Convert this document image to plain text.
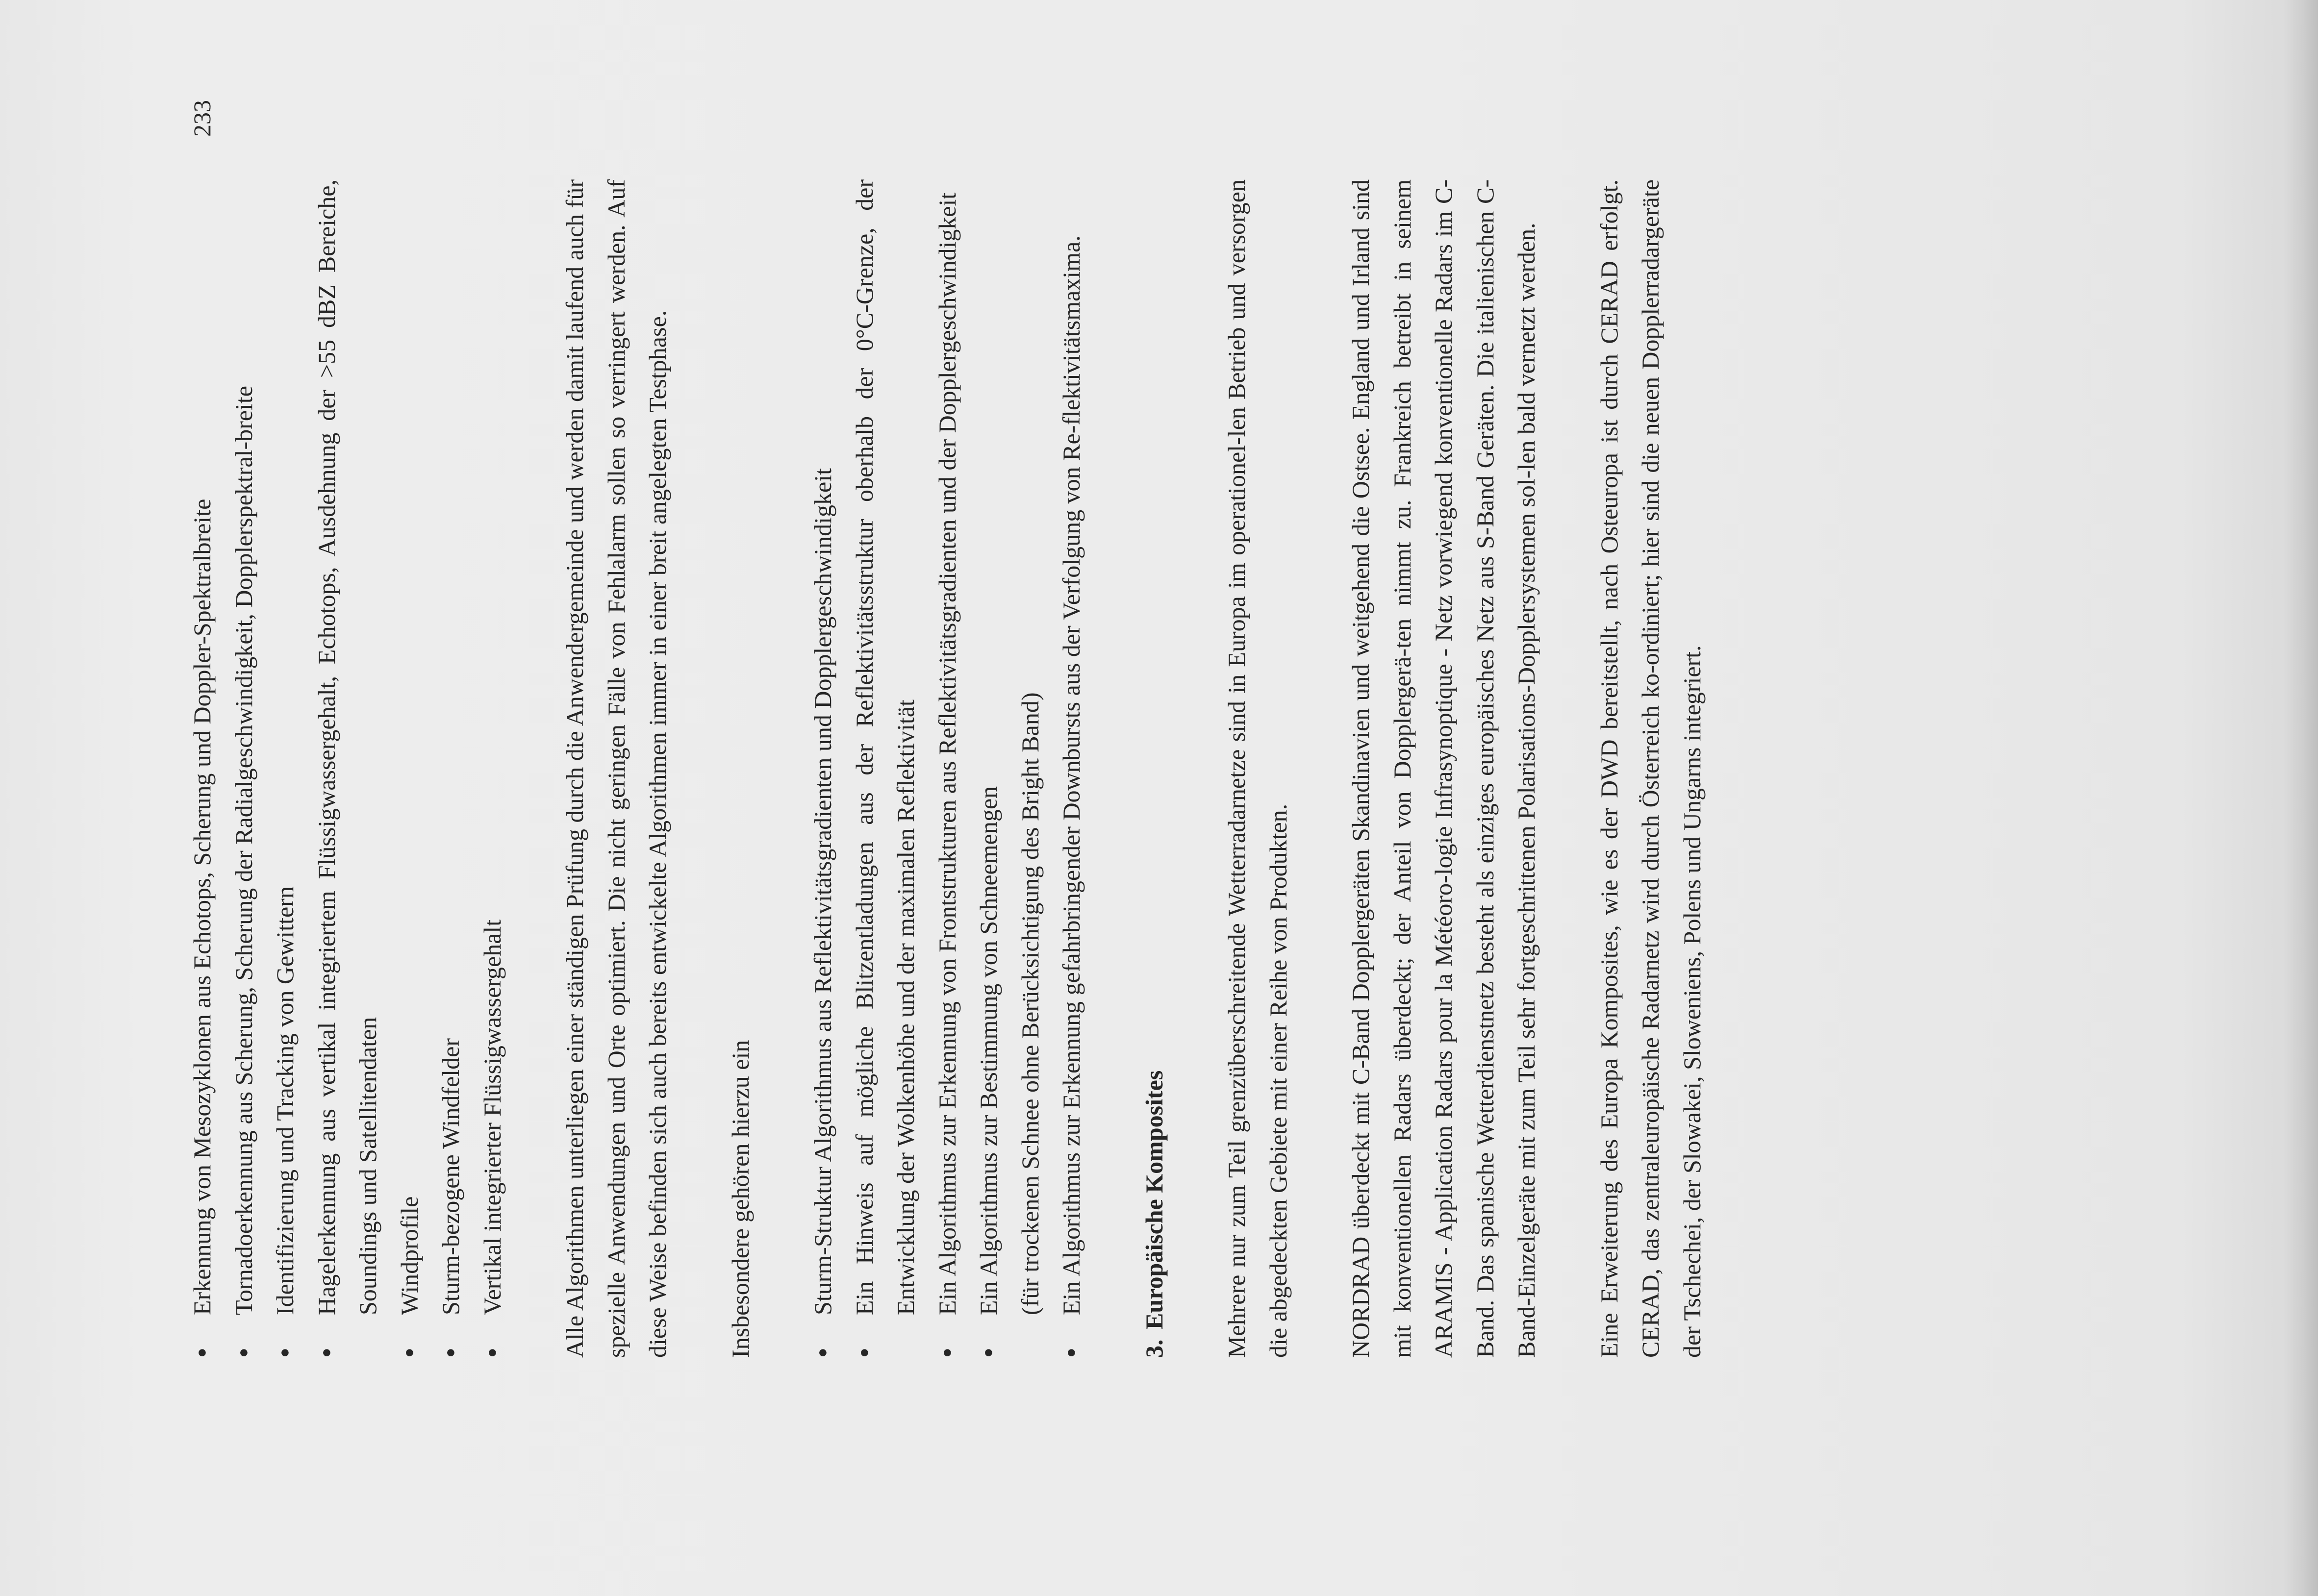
● Erkennung von Mesozyklonen aus Echotops, Scherung und Doppler-Spektralbreite ● Tornadoerkennung aus Scherung, Scherung der Radialgeschwindigkeit, Dopplerspektral-breite ● Identifizierung und Tracking von Gewittern ● Hagelerkennung aus vertikal integriertem Flüssigwassergehalt, Echotops, Ausdehnung der >55 dBZ Bereiche, Soundings und Satellitendaten ● Windprofile ● Sturm-bezogene Windfelder ● Vertikal integrierter Flüssigwassergehalt Alle Algorithmen unterliegen einer ständigen Prüfung durch die Anwendergemeinde und werden damit laufend auch für spezielle Anwendungen und Orte optimiert. Die nicht geringen Fälle von Fehlalarm sollen so verringert werden. Auf diese Weise befinden sich auch bereits entwickelte Algorithmen immer in einer breit angelegten Testphase. Insbesondere gehören hierzu ein ● Sturm-Struktur Algorithmus aus Reflektivitätsgradienten und Dopplergeschwindigkeit ● Ein Hinweis auf mögliche Blitzentladungen aus der Reflektivitätsstruktur oberhalb der 0°C-Grenze, der Entwicklung der Wolkenhöhe und der maximalen Reflektivität ● Ein Algorithmus zur Erkennung von Frontstrukturen aus Reflektivitätsgradienten und der Dopplergeschwindigkeit ● Ein Algorithmus zur Bestimmung von Schneemengen (für trockenen Schnee ohne Berücksichtigung des Bright Band) ● Ein Algorithmus zur Erkennung gefahrbringender Downbursts aus der Verfolgung von Re-flektivitätsmaxima.
3.Europäische Komposites Mehrere nur zum Teil grenzüberschreitende Wetterradarnetze sind in Europa im operationel-len Betrieb und versorgen die abgedeckten Gebiete mit einer Reihe von Produkten. NORDRAD überdeckt mit C-Band Dopplergeräten Skandinavien und weitgehend die Ostsee. England und Irland sind mit konventionellen Radars überdeckt; der Anteil von Dopplergerä-ten nimmt zu. Frankreich betreibt in seinem ARAMIS - Application Radars pour la Météoro-logie Infrasynoptique - Netz vorwiegend konventionelle Radars im C-Band. Das spanische Wetterdienstnetz besteht als einziges europäisches Netz aus S-Band Geräten. Die italienischen C-Band-Einzelgeräte mit zum Teil sehr fortgeschrittenen Polarisations-Dopplersystemen sol-len bald vernetzt werden. Eine Erweiterung des Europa Komposites, wie es der DWD bereitstellt, nach Osteuropa ist durch CERAD erfolgt. CERAD, das zentraleuropäische Radarnetz wird durch Österreich ko-ordiniert; hier sind die neuen Dopplerradargeräte der Tschechei, der Slowakei, Sloweniens, Polens und Ungarns integriert.

233
